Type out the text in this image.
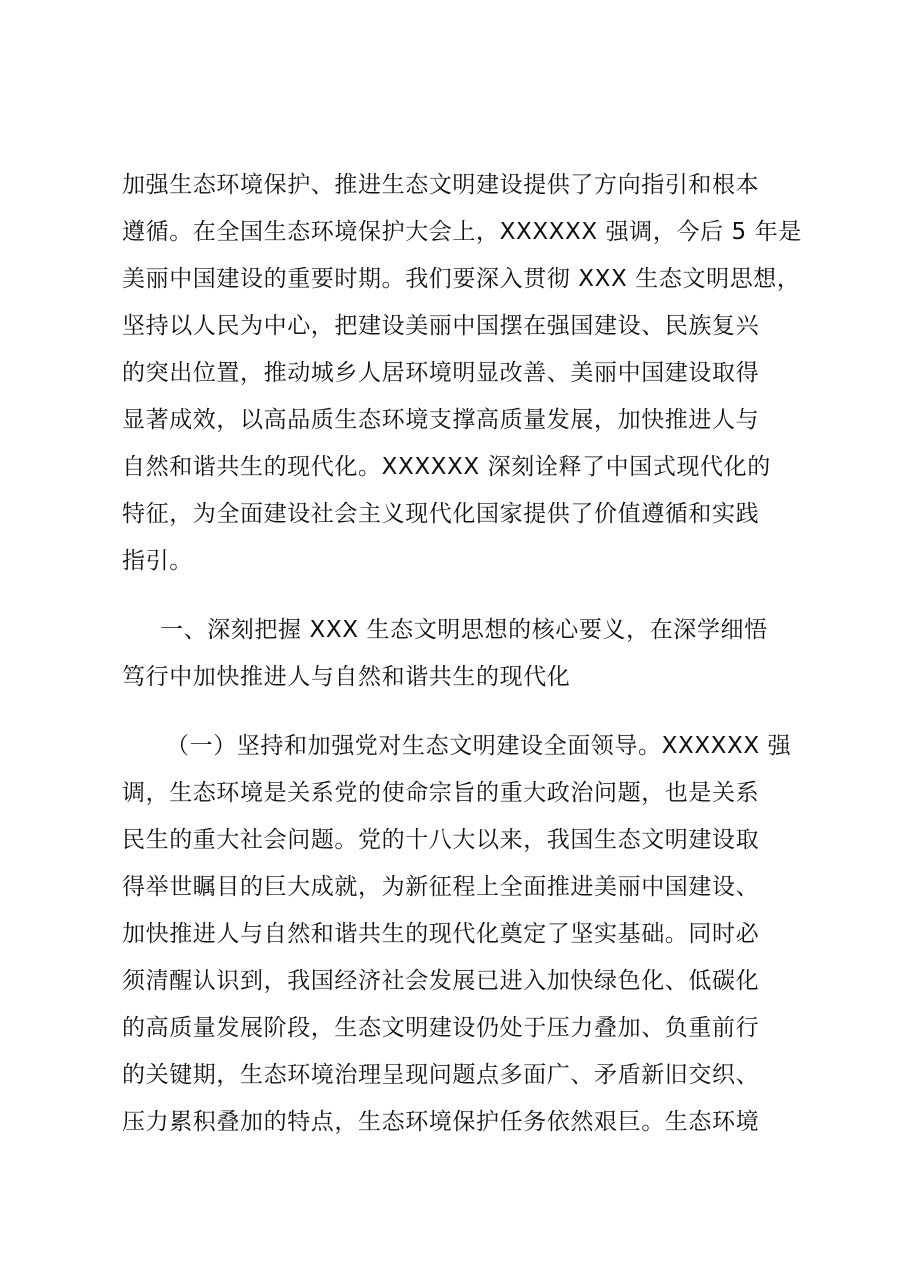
加强生态环境保护、推进生态文明建设提供了方向指引和根本
遵循。在全国生态环境保护大会上，XXXXXX 强调，今后 5 年是
美丽中国建设的重要时期。我们要深入贯彻 XXX 生态文明思想，
坚持以人民为中心，把建设美丽中国摆在强国建设、民族复兴
的突出位置，推动城乡人居环境明显改善、美丽中国建设取得
显著成效，以高品质生态环境支撑高质量发展，加快推进人与
自然和谐共生的现代化。XXXXXX 深刻诠释了中国式现代化的
特征，为全面建设社会主义现代化国家提供了价值遵循和实践
指引。
一、深刻把握 XXX 生态文明思想的核心要义，在深学细悟
笃行中加快推进人与自然和谐共生的现代化
（一）坚持和加强党对生态文明建设全面领导。XXXXXX 强
调，生态环境是关系党的使命宗旨的重大政治问题，也是关系
民生的重大社会问题。党的十八大以来，我国生态文明建设取
得举世瞩目的巨大成就，为新征程上全面推进美丽中国建设、
加快推进人与自然和谐共生的现代化奠定了坚实基础。同时必
须清醒认识到，我国经济社会发展已进入加快绿色化、低碳化
的高质量发展阶段，生态文明建设仍处于压力叠加、负重前行
的关键期，生态环境治理呈现问题点多面广、矛盾新旧交织、
压力累积叠加的特点，生态环境保护任务依然艰巨。生态环境
